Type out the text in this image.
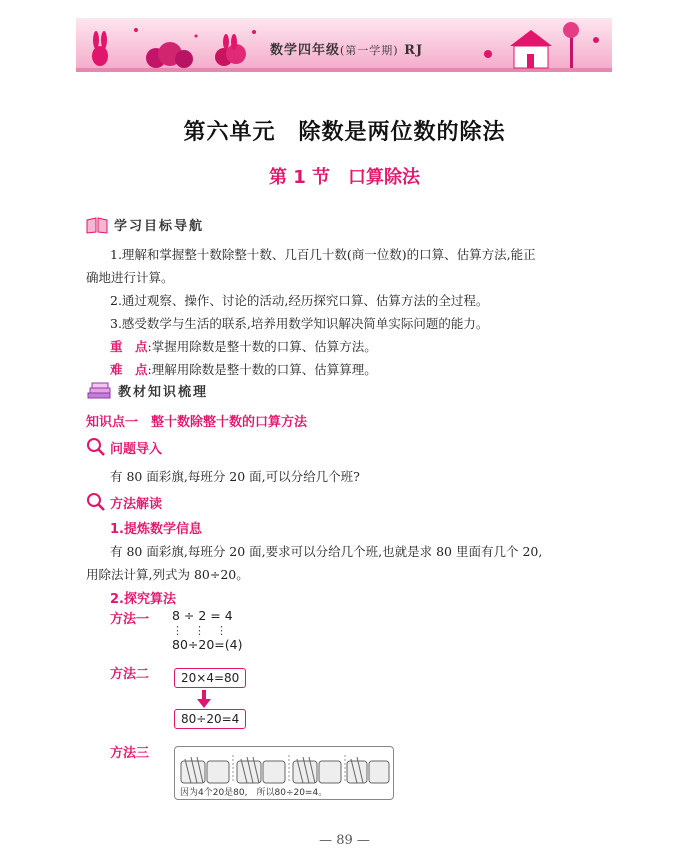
数学四年级(第一学期) RJ
第六单元　除数是两位数的除法
第 1 节　口算除法
学习目标导航
1.理解和掌握整十数除整十数、几百几十数(商一位数)的口算、估算方法,能正
确地进行计算。
2.通过观察、操作、讨论的活动,经历探究口算、估算方法的全过程。
3.感受数学与生活的联系,培养用数学知识解决简单实际问题的能力。
重　点:掌握用除数是整十数的口算、估算方法。
难　点:理解用除数是整十数的口算、估算算理。
教材知识梳理
知识点一　整十数除整十数的口算方法
问题导入
有 80 面彩旗,每班分 20 面,可以分给几个班?
方法解读
1.提炼数学信息
有 80 面彩旗,每班分 20 面,要求可以分给几个班,也就是求 80 里面有几个 20,
用除法计算,列式为 80÷20。
2.探究算法
方法一 8 ÷ 2 = 4
⋮　⋮　⋮
80÷20=(4)
方法二	20×4=80
80÷20=4
方法三
因为4个20是80,　所以80÷20=4。
— 89 —
